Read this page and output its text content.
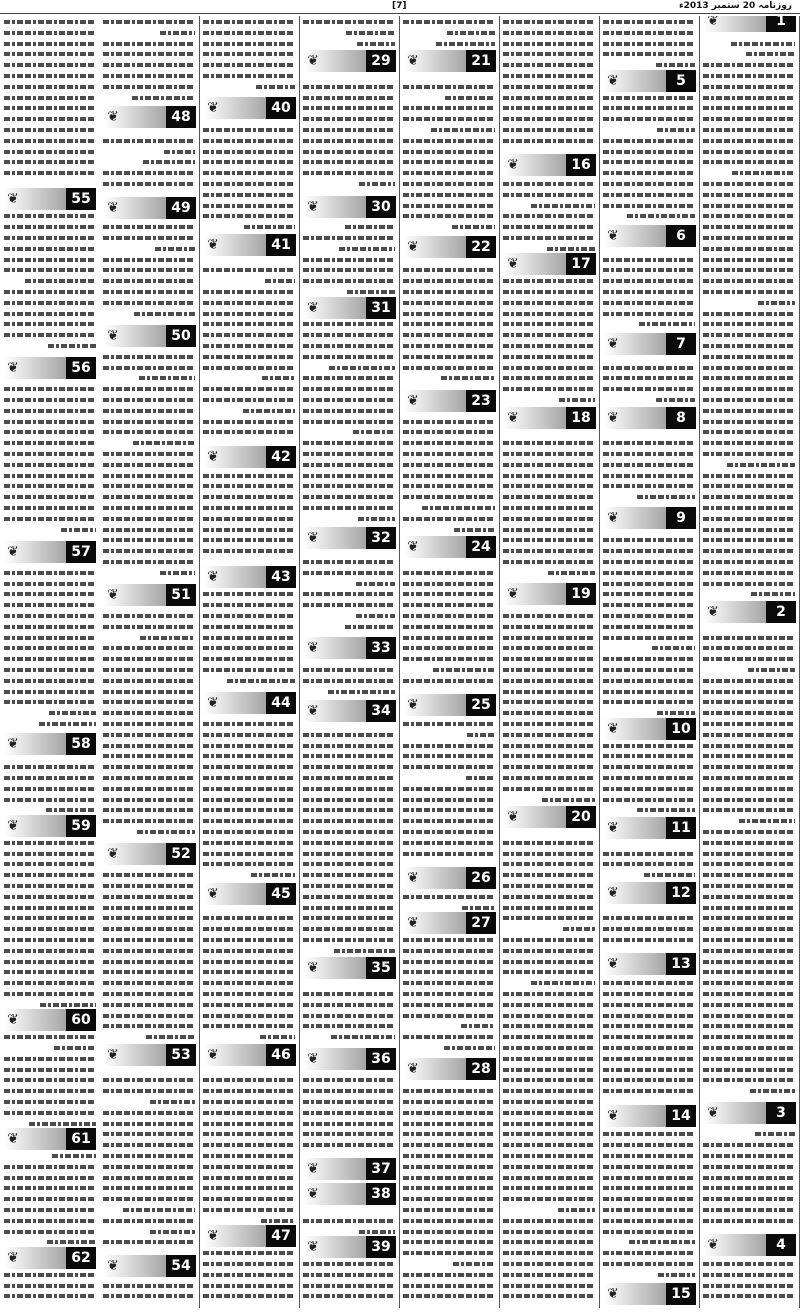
[7]	روزنامہ 20 ستمبر 2013ء
❦	55
❦	56
❦	57
❦	58
❦	59
❦	60
❦	61
❦	62
❦	48
❦	49
❦	50
❦	51
❦	52
❦	53
❦	54
❦	40
❦	41
❦	42
❦	43
❦	44
❦	45
❦	46
❦	47
❦	29
❦	30
❦	31
❦	32
❦	33
❦	34
❦	35
❦	36
❦	37
❦	38
❦	39
❦	21
❦	22
❦	23
❦	24
❦	25
❦	26
❦	27
❦	28
❦	16
❦	17
❦	18
❦	19
❦	20
❦	5
❦	6
❦	7
❦	8
❦	9
❦	10
❦	11
❦	12
❦	13
❦	14
❦	15
❦	1
❦	2
❦	3
❦	4
